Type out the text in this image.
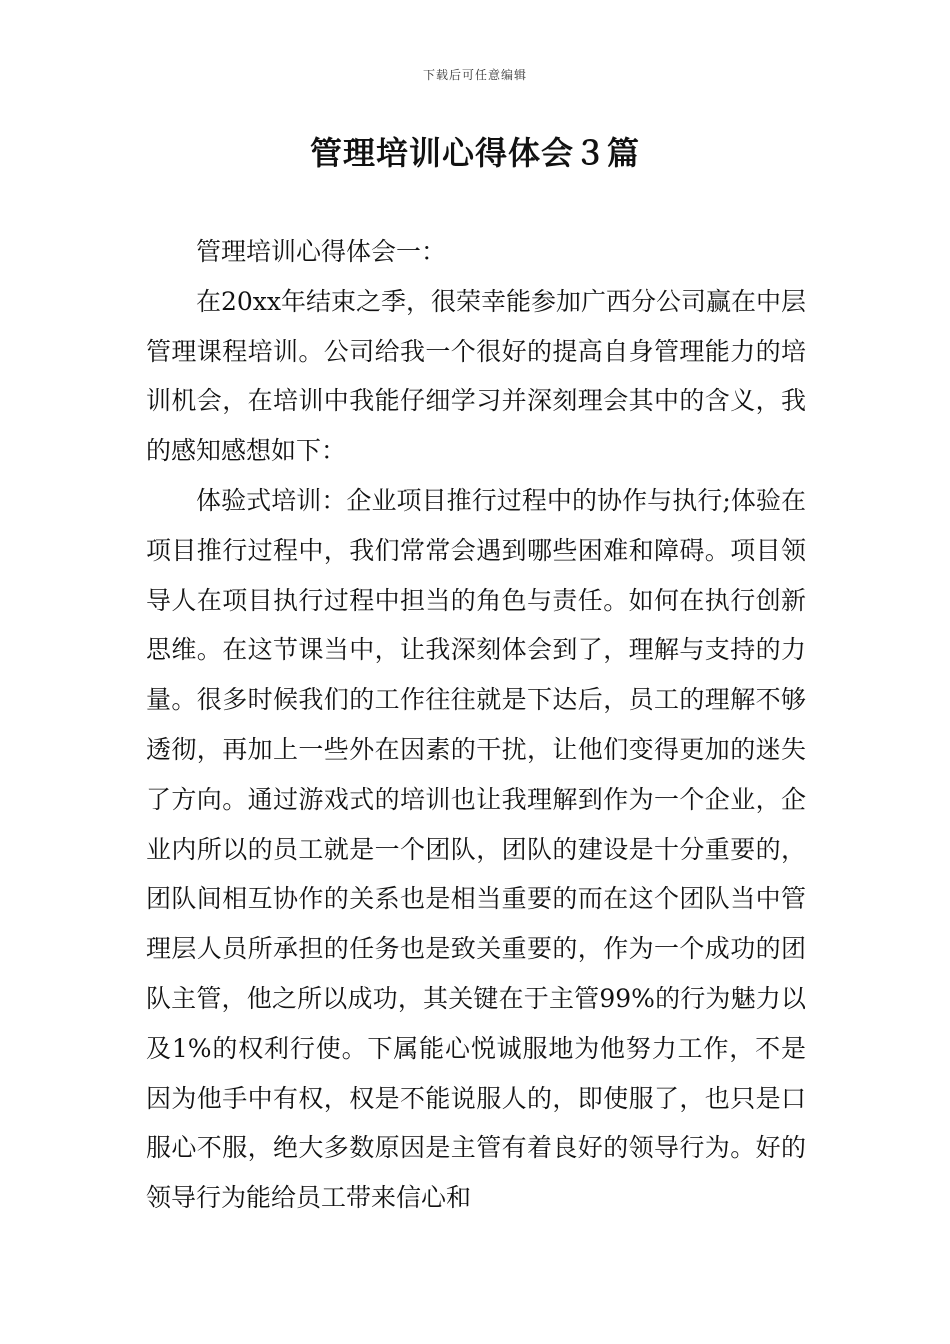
下载后可任意编辑
管理培训心得体会３篇

管理培训心得体会一：

在20xx年结束之季，很荣幸能参加广西分公司赢在中层管理课程培训。公司给我一个很好的提高自身管理能力的培训机会，在培训中我能仔细学习并深刻理会其中的含义，我的感知感想如下：

体验式培训：企业项目推行过程中的协作与执行;体验在项目推行过程中，我们常常会遇到哪些困难和障碍。项目领导人在项目执行过程中担当的角色与责任。如何在执行创新思维。在这节课当中，让我深刻体会到了，理解与支持的力量。很多时候我们的工作往往就是下达后，员工的理解不够透彻，再加上一些外在因素的干扰，让他们变得更加的迷失了方向。通过游戏式的培训也让我理解到作为一个企业，企业内所以的员工就是一个团队，团队的建设是十分重要的，团队间相互协作的关系也是相当重要的而在这个团队当中管理层人员所承担的任务也是致关重要的，作为一个成功的团队主管，他之所以成功，其关键在于主管99%的行为魅力以及1%的权利行使。下属能心悦诚服地为他努力工作，不是因为他手中有权，权是不能说服人的，即使服了，也只是口服心不服，绝大多数原因是主管有着良好的领导行为。好的领导行为能给员工带来信心和
